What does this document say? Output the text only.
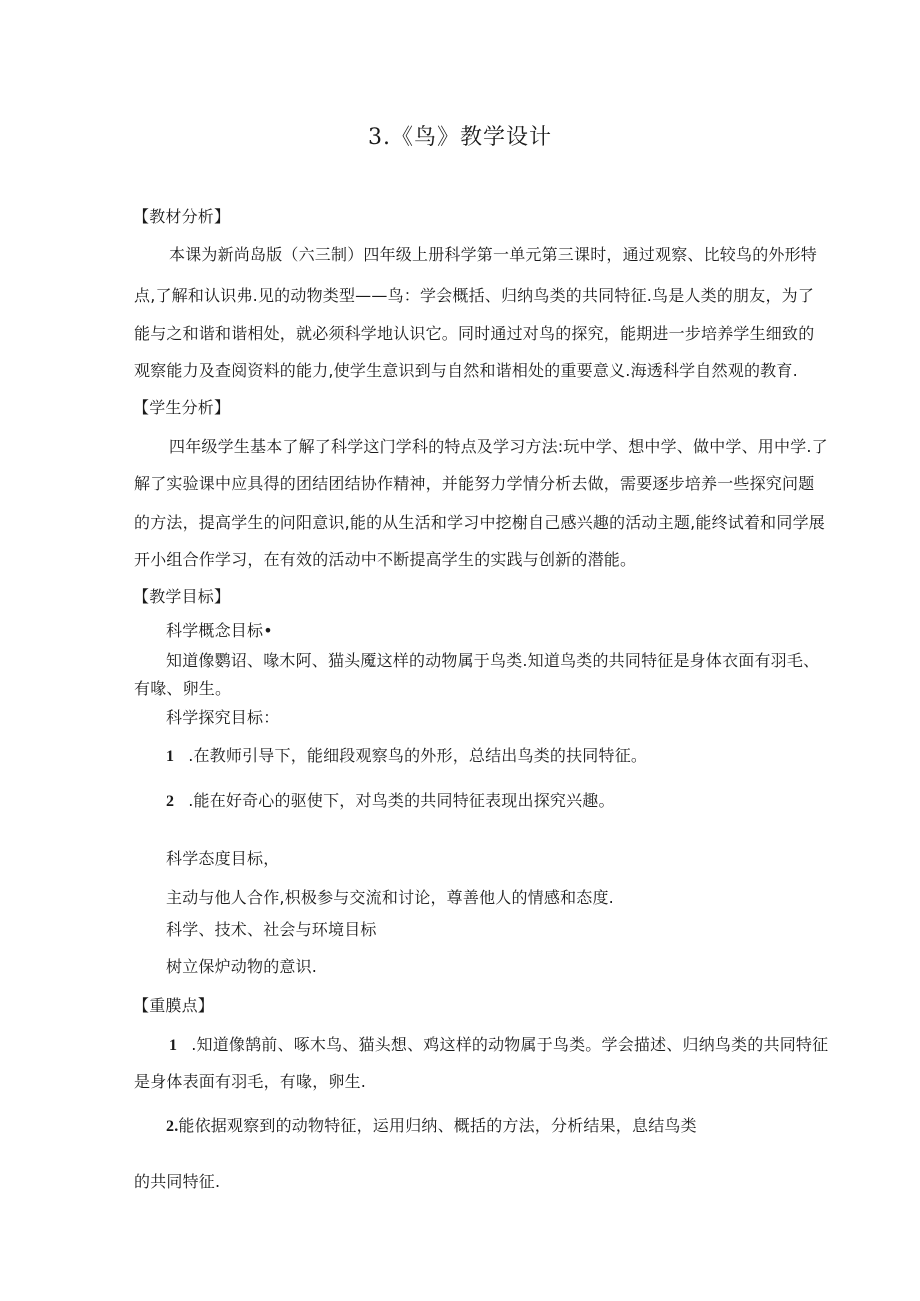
3.《鸟》教学设计
【教材分析】
本课为新尚岛版（六三制）四年级上册科学第一单元第三课时，通过观察、比较鸟的外形特
点,了解和认识弗.见的动物类型——鸟：学会概括、归纳鸟类的共同特征.鸟是人类的朋友，为了
能与之和谐和谐相处，就必须科学地认识它。同时通过对鸟的探究，能期进一步培养学生细致的
观察能力及查阅资料的能力,使学生意识到与自然和谐相处的重要意义.海透科学自然观的教育.
【学生分析】
四年级学生基本了解了科学这门学科的特点及学习方法:玩中学、想中学、做中学、用中学.了
解了实验课中应具得的团结团结协作精神，并能努力学情分析去做，需要逐步培养一些探究问题
的方法，提高学生的问阳意识,能的从生活和学习中挖榭自己感兴趣的活动主题,能终试着和同学展
开小组合作学习，在有效的活动中不断提高学生的实践与创新的潜能。
【教学目标】
科学概念目标•
知道像鹦诏、喙木阿、猫头魇这样的动物属于鸟类.知道鸟类的共同特征是身体衣面有羽毛、
有喙、卵生。
科学探究目标：
1 .在教师引导下，能细段观察鸟的外形，总结出鸟类的扶同特征。
2 .能在好奇心的驱使下，对鸟类的共同特征表现出探究兴趣。
科学态度目标，
主动与他人合作,枳极参与交流和讨论，尊善他人的情感和态度.
科学、技术、社会与环境目标
树立保炉动物的意识.
【重膜点】
1 .知道像鹄前、啄木鸟、猫头想、鸡这样的动物属于鸟类。学会描述、归纳鸟类的共同特征
是身体表面有羽毛，有喙，卵生.
2.能依据观察到的动物特征，运用归纳、概括的方法，分析结果，息结鸟类
的共同特征.
